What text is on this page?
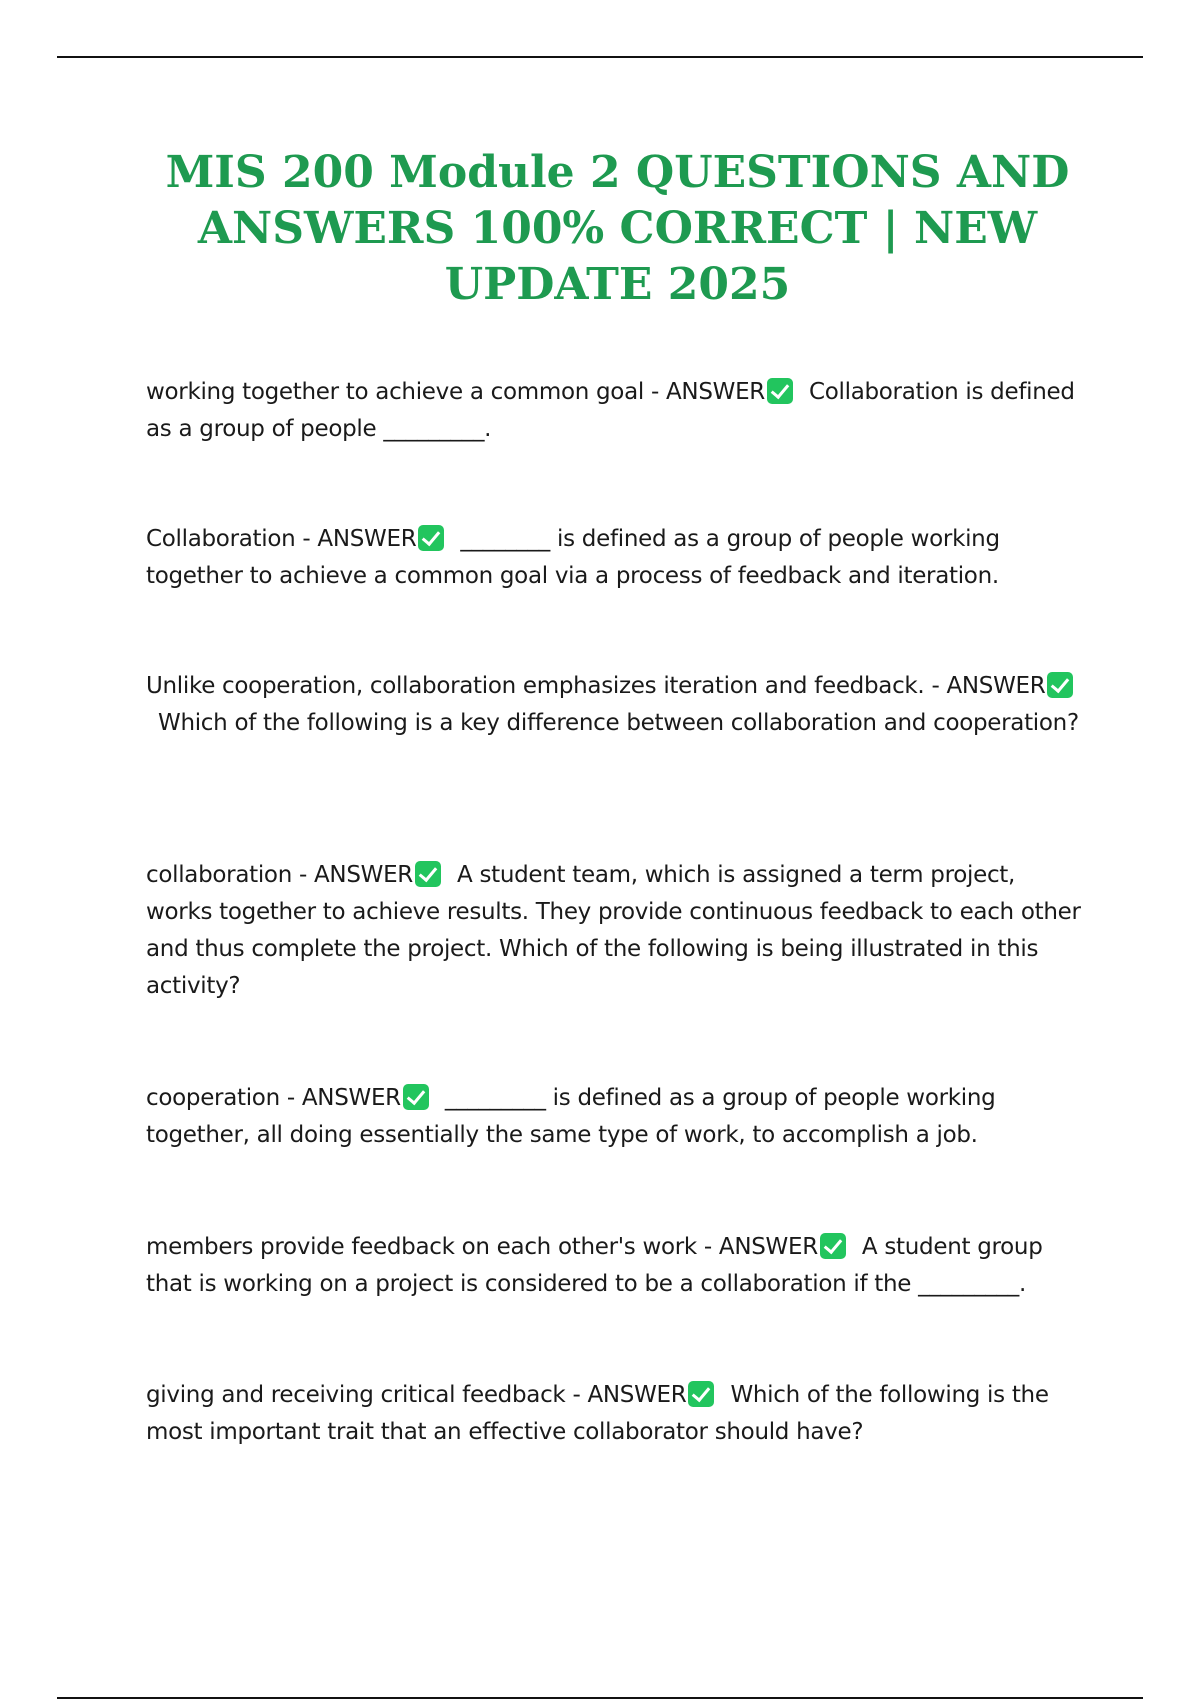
MIS 200 Module 2 QUESTIONS AND ANSWERS 100% CORRECT | NEW UPDATE 2025

working together to achieve a common goal - ANSWER Collaboration is defined as a group of people _________.

Collaboration - ANSWER ________ is defined as a group of people working together to achieve a common goal via a process of feedback and iteration.

Unlike cooperation, collaboration emphasizes iteration and feedback. - ANSWERWhich of the following is a key difference between collaboration and cooperation?

collaboration - ANSWER A student team, which is assigned a term project, works together to achieve results. They provide continuous feedback to each other and thus complete the project. Which of the following is being illustrated in this activity?

cooperation - ANSWER _________ is defined as a group of people working together, all doing essentially the same type of work, to accomplish a job.

members provide feedback on each other's work - ANSWER A student group that is working on a project is considered to be a collaboration if the _________.

giving and receiving critical feedback - ANSWER Which of the following is the most important trait that an effective collaborator should have?
